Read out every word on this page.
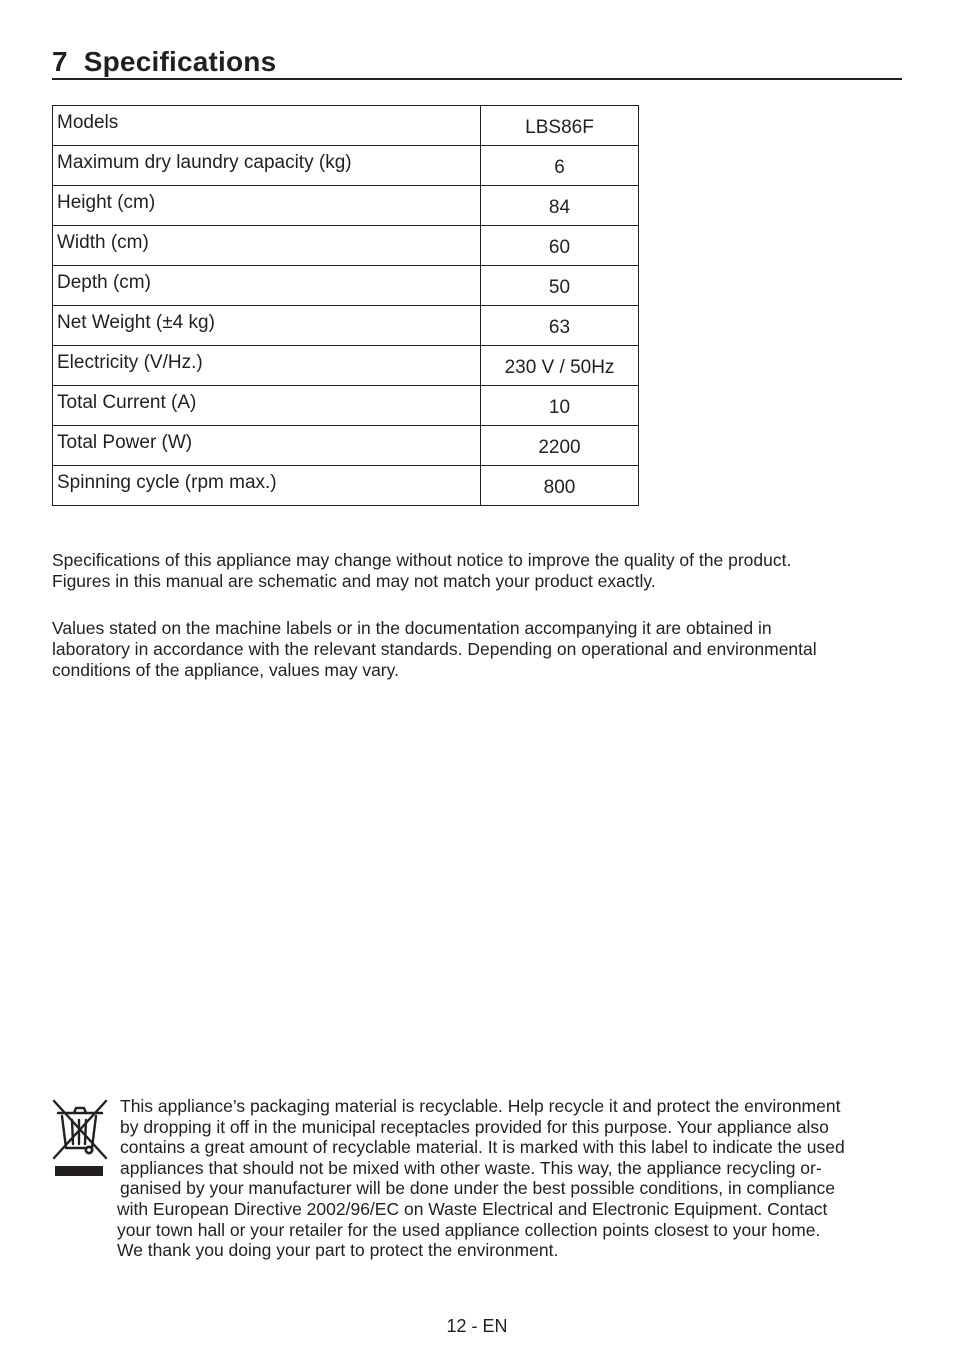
7 Specifications
Models	LBS86F
Maximum dry laundry capacity (kg)	6
Height (cm)	84
Width (cm)	60
Depth (cm)	50
Net Weight (±4 kg)	63
Electricity (V/Hz.)	230 V / 50Hz
Total Current (A)	10
Total Power (W)	2200
Spinning cycle (rpm max.)	800

Specifications of this appliance may change without notice to improve the quality of the product.
Figures in this manual are schematic and may not match your product exactly.

Values stated on the machine labels or in the documentation accompanying it are obtained in
laboratory in accordance with the relevant standards. Depending on operational and environmental
conditions of the appliance, values may vary.

This appliance’s packaging material is recyclable. Help recycle it and protect the environment
by dropping it off in the municipal receptacles provided for this purpose. Your appliance also
contains a great amount of recyclable material. It is marked with this label to indicate the used
appliances that should not be mixed with other waste. This way, the appliance recycling or-
ganised by your manufacturer will be done under the best possible conditions, in compliance
with European Directive 2002/96/EC on Waste Electrical and Electronic Equipment. Contact
your town hall or your retailer for the used appliance collection points closest to your home.
We thank you doing your part to protect the environment.

12 - EN
